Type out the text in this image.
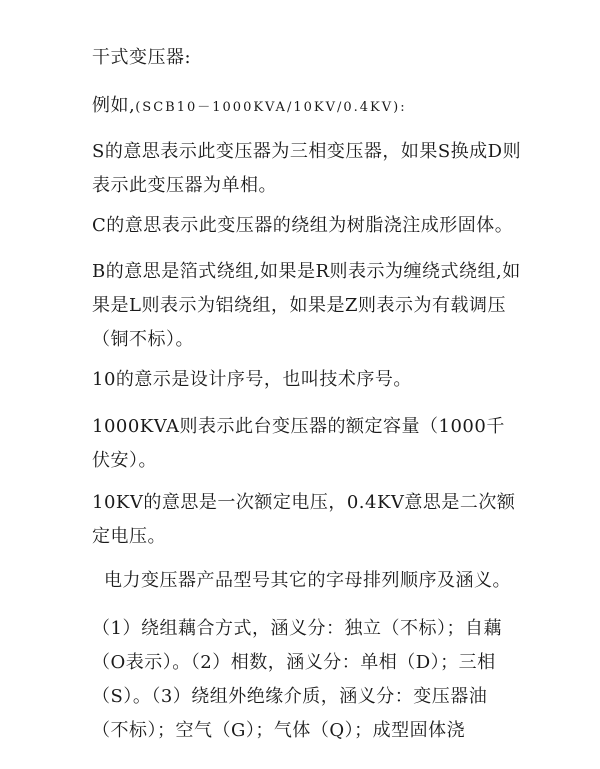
干式变压器:

例如,(SCB10－1000KVA/10KV/0.4KV):

S的意思表示此变压器为三相变压器，如果S换成D则表示此变压器为单相。

C的意思表示此变压器的绕组为树脂浇注成形固体。

B的意思是箔式绕组,如果是R则表示为缠绕式绕组,如果是L则表示为铝绕组，如果是Z则表示为有载调压（铜不标）。

10的意示是设计序号，也叫技术序号。

1000KVA则表示此台变压器的额定容量（1000千伏安）。

10KV的意思是一次额定电压，0.4KV意思是二次额定电压。

电力变压器产品型号其它的字母排列顺序及涵义。

（1）绕组藕合方式，涵义分：独立（不标）；自藕（O表示）。（2）相数，涵义分：单相（D）；三相（S）。（3）绕组外绝缘介质，涵义分：变压器油（不标）；空气（G）；气体（Q）；成型固体浇
